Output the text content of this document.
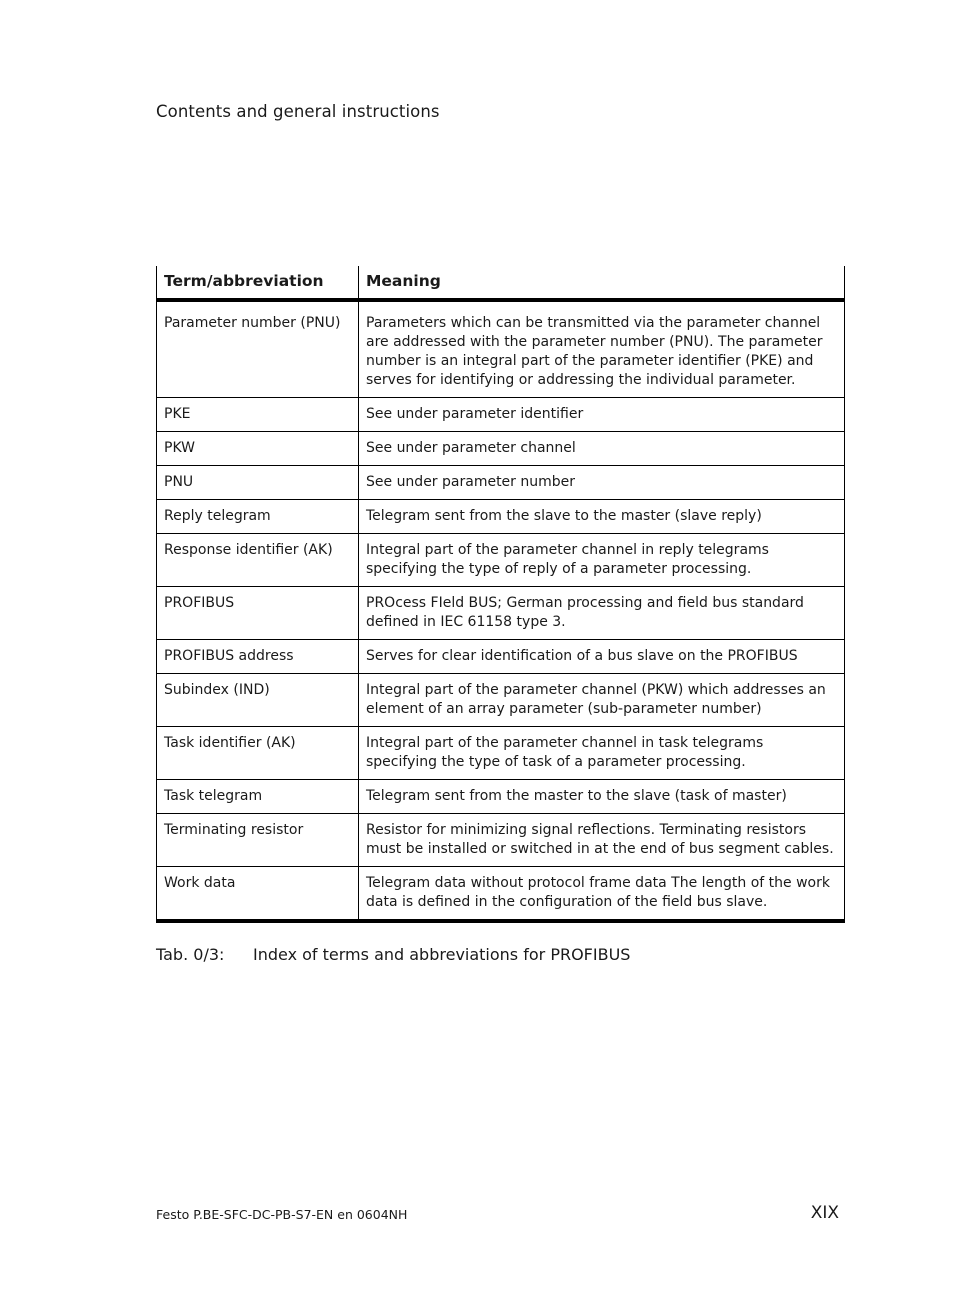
Contents and general instructions
Term/abbreviation	Meaning
Parameter number (PNU)	Parameters which can be transmitted via the parameter channel are addressed with the parameter number (PNU). The parameter number is an integral part of the parameter identifier (PKE) and serves for identifying or addressing the individual parameter.
PKE	See under parameter identifier
PKW	See under parameter channel
PNU	See under parameter number
Reply telegram	Telegram sent from the slave to the master (slave reply)
Response identifier (AK)	Integral part of the parameter channel in reply telegrams specifying the type of reply of a parameter processing.
PROFIBUS	PROcess FIeld BUS; German processing and field bus standard defined in IEC 61158 type 3.
PROFIBUS address	Serves for clear identification of a bus slave on the PROFIBUS
Subindex (IND)	Integral part of the parameter channel (PKW) which addresses an element of an array parameter (sub-parameter number)
Task identifier (AK)	Integral part of the parameter channel in task telegrams specifying the type of task of a parameter processing.
Task telegram	Telegram sent from the master to the slave (task of master)
Terminating resistor	Resistor for minimizing signal reflections. Terminating resistors must be installed or switched in at the end of bus segment cables.
Work data	Telegram data without protocol frame data The length of the work data is defined in the configuration of the field bus slave.
Tab. 0/3:	Index of terms and abbreviations for PROFIBUS
Festo P.BE-SFC-DC-PB-S7-EN en 0604NH	XIX
